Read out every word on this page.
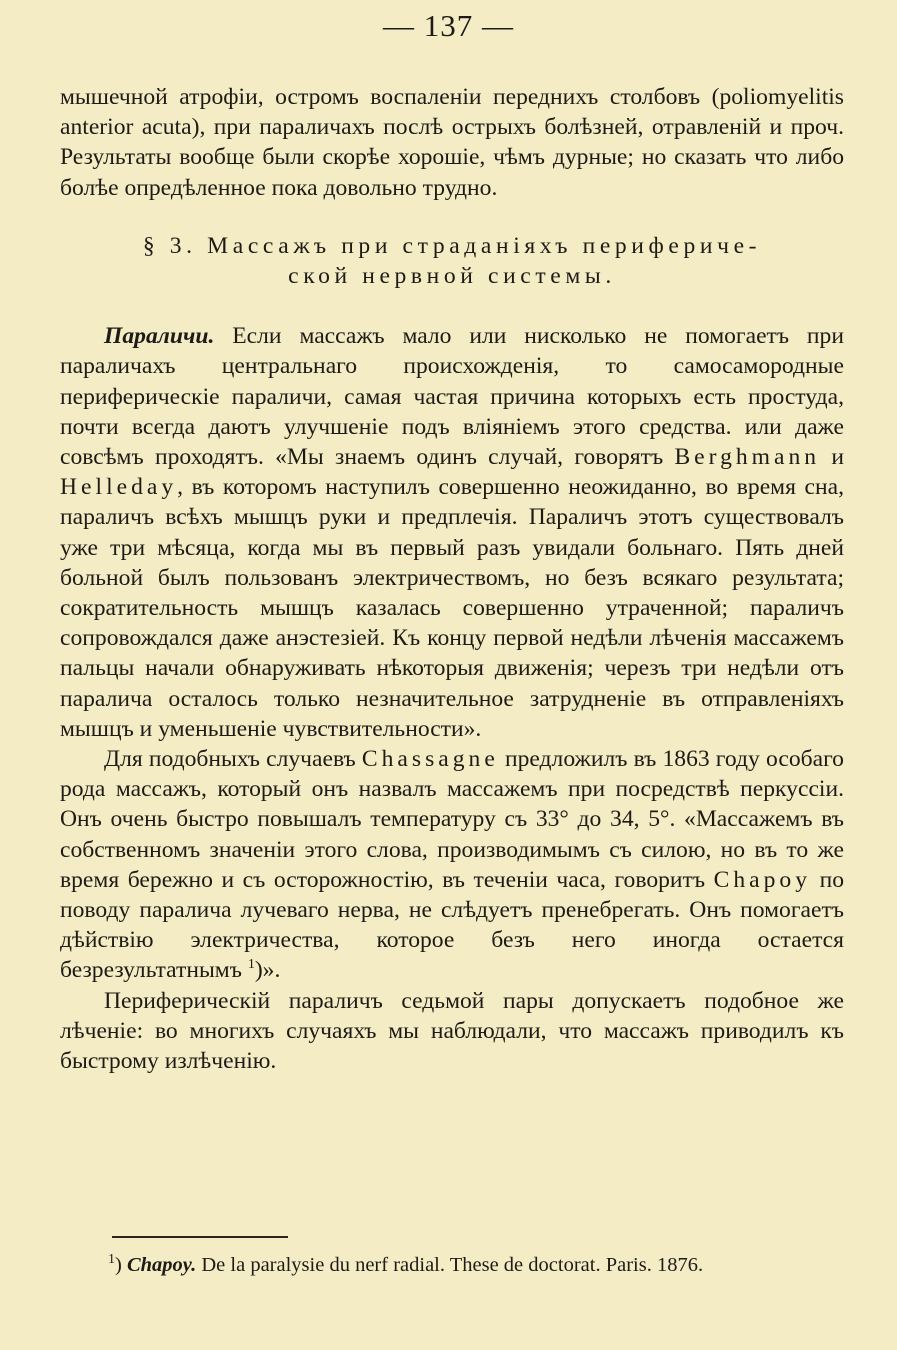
— 137 —

мышечной атрофiи, остромъ воспаленiи переднихъ столбовъ (poliomyelitis anterior acuta), при параличахъ послѣ острыхъ болѣзней, отравленiй и проч. Результаты вообще были скорѣе хорошiе, чѣмъ дурные; но сказать что либо болѣе опредѣленное пока довольно трудно.

§ 3. Массажъ при страданiяхъ перифериче-
ской нервной системы.

Параличи. Если массажъ мало или нисколько не помогаетъ при параличахъ центральнаго происхожденiя, то самосамородные периферическiе параличи, самая частая причина которыхъ есть простуда, почти всегда даютъ улучшенiе подъ влiянiемъ этого средства. или даже совсѣмъ проходятъ. «Мы знаемъ одинъ случай, говорятъ Berghmann и Helleday, въ которомъ наступилъ совершенно неожиданно, во время сна, параличъ всѣхъ мышцъ руки и предплечiя. Параличъ этотъ существовалъ уже три мѣсяца, когда мы въ первый разъ увидали больнаго. Пять дней больной былъ пользованъ электричествомъ, но безъ всякаго результата; сократительность мышцъ казалась совершенно утраченной; параличъ сопровождался даже анэстезiей. Къ концу первой недѣли лѣченiя массажемъ пальцы начали обнаруживать нѣкоторыя движенiя; черезъ три недѣли отъ паралича осталось только незначительное затрудненiе въ отправленiяхъ мышцъ и уменьшенiе чувствительности».

Для подобныхъ случаевъ Chassagne предложилъ въ 1863 году особаго рода массажъ, который онъ назвалъ массажемъ при посредствѣ перкуссiи. Онъ очень быстро повышалъ температуру съ 33° до 34, 5°. «Массажемъ въ собственномъ значенiи этого слова, производимымъ съ силою, но въ то же время бережно и съ осторожностiю, въ теченiи часа, говоритъ Chapoy по поводу паралича лучеваго нерва, не слѣдуетъ пренебрегать. Онъ помогаетъ дѣйствiю электричества, которое безъ него иногда остается безрезультатнымъ $^1$)».

Периферическiй параличъ седьмой пары допускаетъ подобное же лѣченiе: во многихъ случаяхъ мы наблюдали, что массажъ приводилъ къ быстрому излѣченiю.

$^1$) Chapoy. De la paralysie du nerf radial. These de doctorat. Paris. 1876.
